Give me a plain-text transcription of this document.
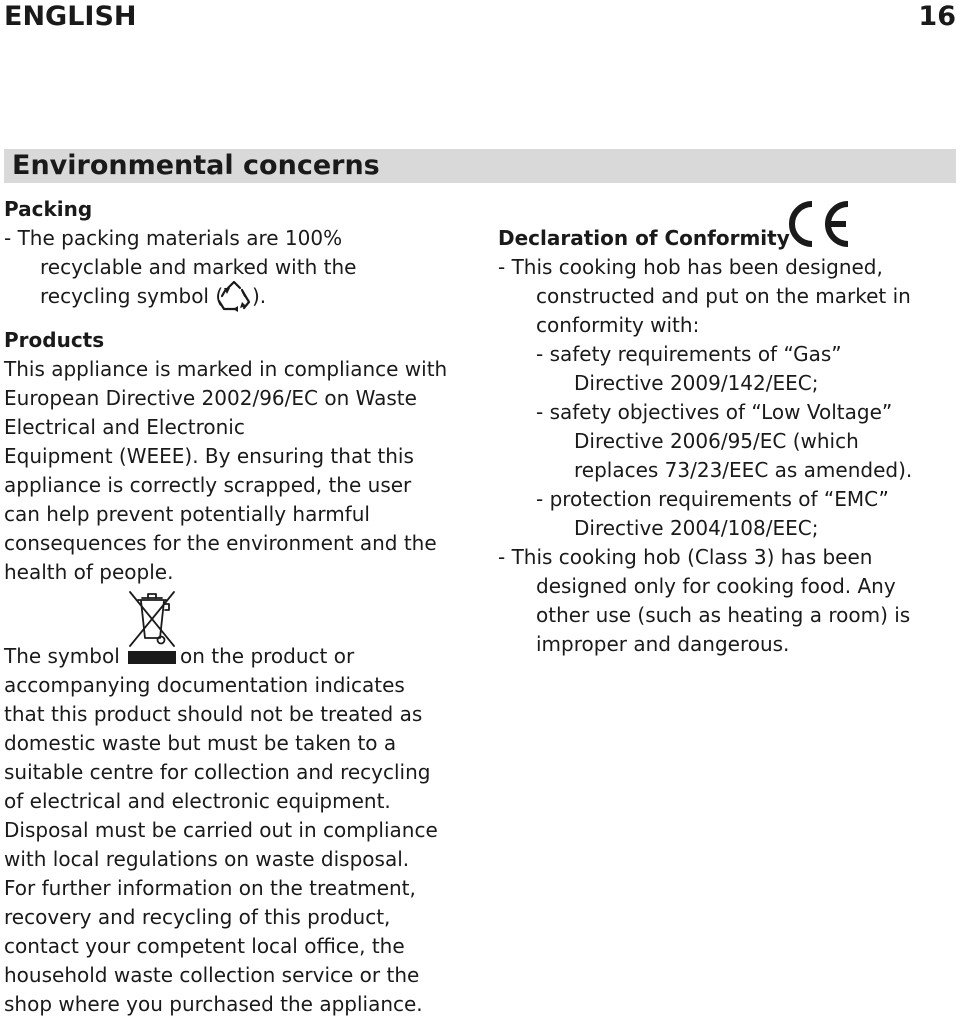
ENGLISH	16
Environmental concerns
Packing
- The packing materials are 100%
recyclable and marked with the
recycling symbol ( ).
Products
This appliance is marked in compliance with
European Directive 2002/96/EC on Waste
Electrical and Electronic
Equipment (WEEE). By ensuring that this
appliance is correctly scrapped, the user
can help prevent potentially harmful
consequences for the environment and the
health of people.
The symbol	on the product or
accompanying documentation indicates
that this product should not be treated as
domestic waste but must be taken to a
suitable centre for collection and recycling
of electrical and electronic equipment.
Disposal must be carried out in compliance
with local regulations on waste disposal.
For further information on the treatment,
recovery and recycling of this product,
contact your competent local office, the
household waste collection service or the
shop where you purchased the appliance.
Declaration of Conformity
- This cooking hob has been designed,
constructed and put on the market in
conformity with:
- safety requirements of “Gas”
Directive 2009/142/EEC;
- safety objectives of “Low Voltage”
Directive 2006/95/EC (which
replaces 73/23/EEC as amended).
- protection requirements of “EMC”
Directive 2004/108/EEC;
- This cooking hob (Class 3) has been
designed only for cooking food. Any
other use (such as heating a room) is
improper and dangerous.
